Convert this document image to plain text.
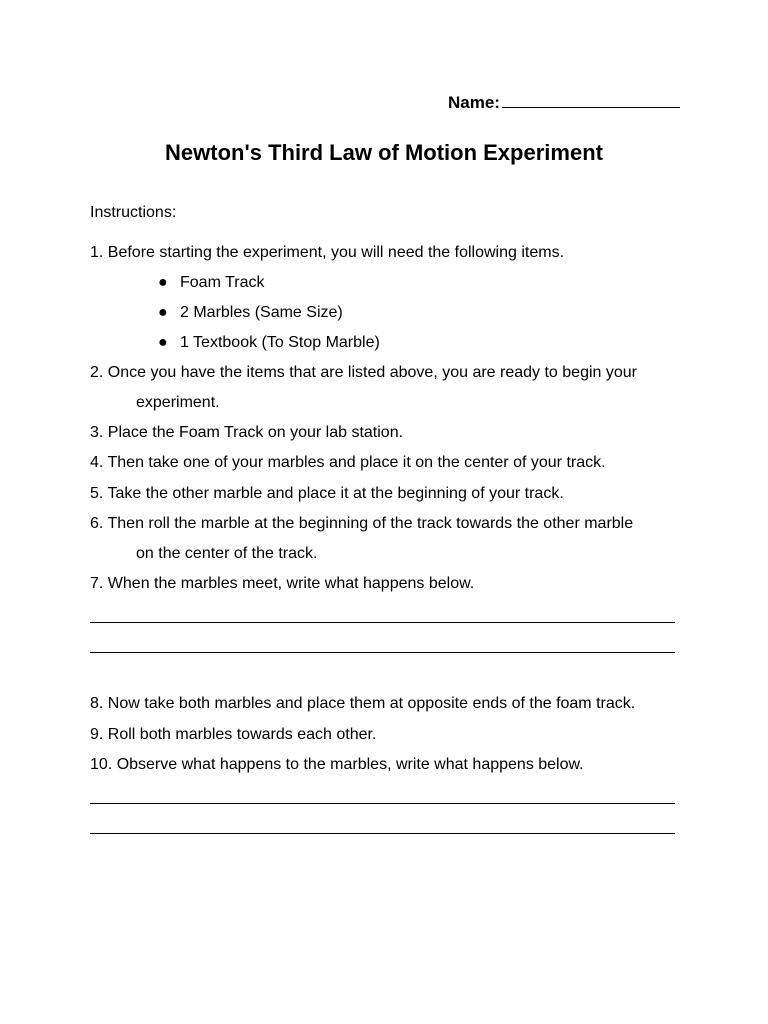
Name:
Newton's Third Law of Motion Experiment
Instructions:
1. Before starting the experiment, you will need the following items.
● Foam Track
● 2 Marbles (Same Size)
● 1 Textbook (To Stop Marble)
2. Once you have the items that are listed above, you are ready to begin your
experiment.
3. Place the Foam Track on your lab station.
4. Then take one of your marbles and place it on the center of your track.
5. Take the other marble and place it at the beginning of your track.
6. Then roll the marble at the beginning of the track towards the other marble
on the center of the track.
7. When the marbles meet, write what happens below.
8. Now take both marbles and place them at opposite ends of the foam track.
9. Roll both marbles towards each other.
10. Observe what happens to the marbles, write what happens below.
